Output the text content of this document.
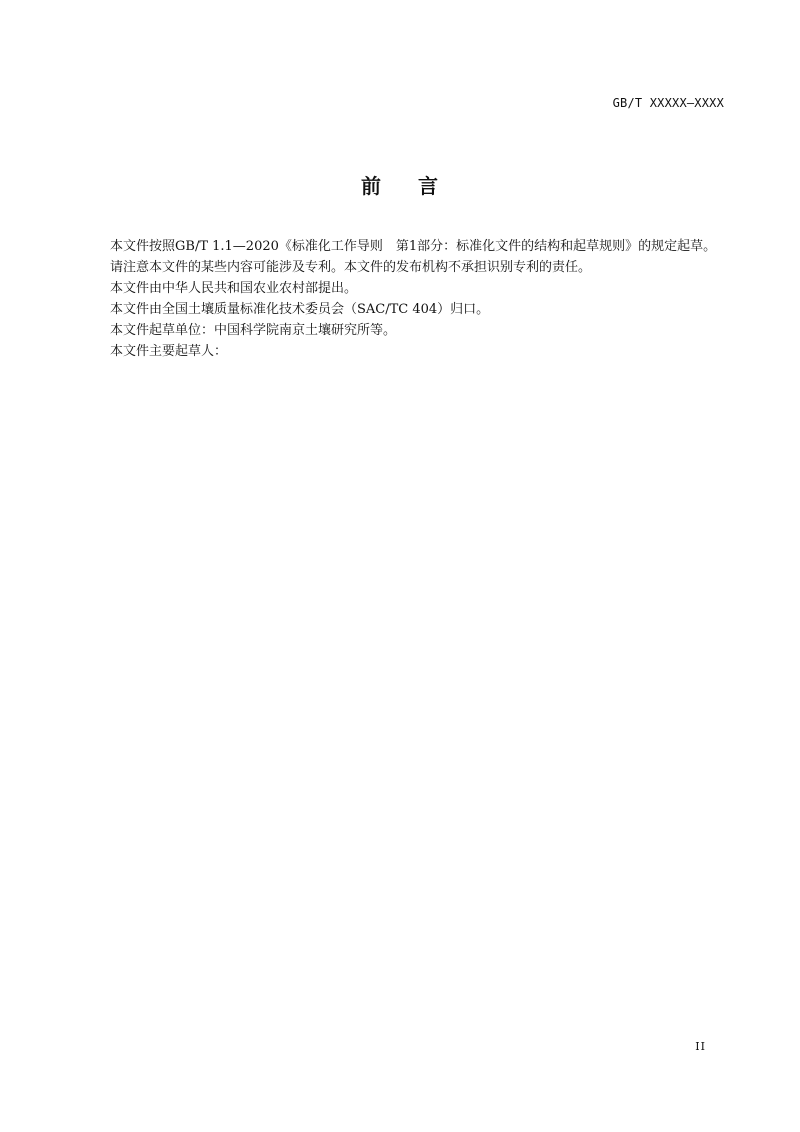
GB/T XXXXX—XXXX
前 言

本文件按照GB/T 1.1—2020《标准化工作导则　第1部分：标准化文件的结构和起草规则》的规定起草。

请注意本文件的某些内容可能涉及专利。本文件的发布机构不承担识别专利的责任。

本文件由中华人民共和国农业农村部提出。

本文件由全国土壤质量标准化技术委员会（SAC/TC 404）归口。

本文件起草单位：中国科学院南京土壤研究所等。

本文件主要起草人：

II
